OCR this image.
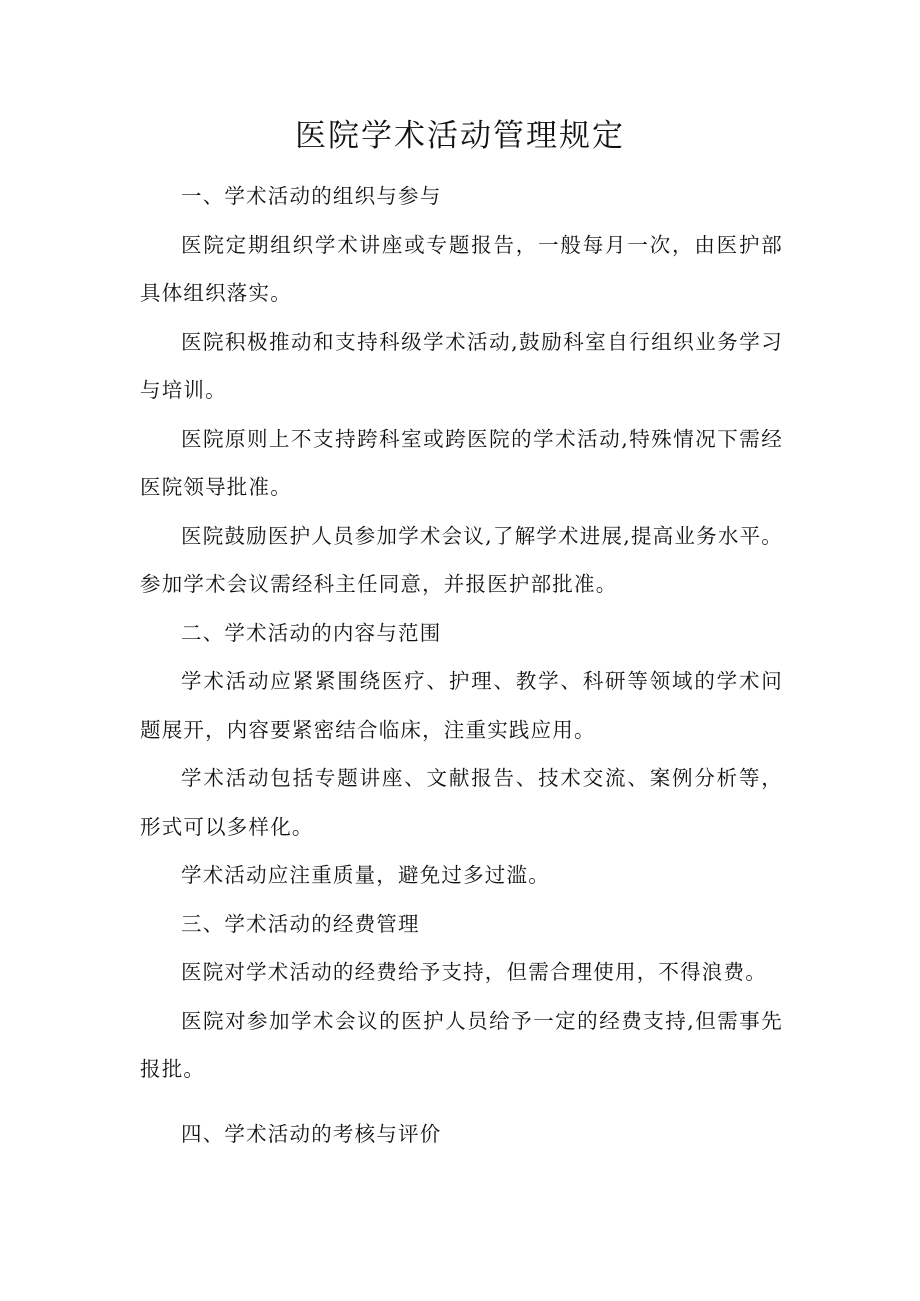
医院学术活动管理规定

一、学术活动的组织与参与

医院定期组织学术讲座或专题报告，一般每月一次，由医护部具体组织落实。

医院积极推动和支持科级学术活动,鼓励科室自行组织业务学习与培训。

医院原则上不支持跨科室或跨医院的学术活动,特殊情况下需经医院领导批准。

医院鼓励医护人员参加学术会议,了解学术进展,提高业务水平。参加学术会议需经科主任同意，并报医护部批准。

二、学术活动的内容与范围

学术活动应紧紧围绕医疗、护理、教学、科研等领域的学术问题展开，内容要紧密结合临床，注重实践应用。

学术活动包括专题讲座、文献报告、技术交流、案例分析等，形式可以多样化。

学术活动应注重质量，避免过多过滥。

三、学术活动的经费管理

医院对学术活动的经费给予支持，但需合理使用，不得浪费。

医院对参加学术会议的医护人员给予一定的经费支持,但需事先报批。

四、学术活动的考核与评价
